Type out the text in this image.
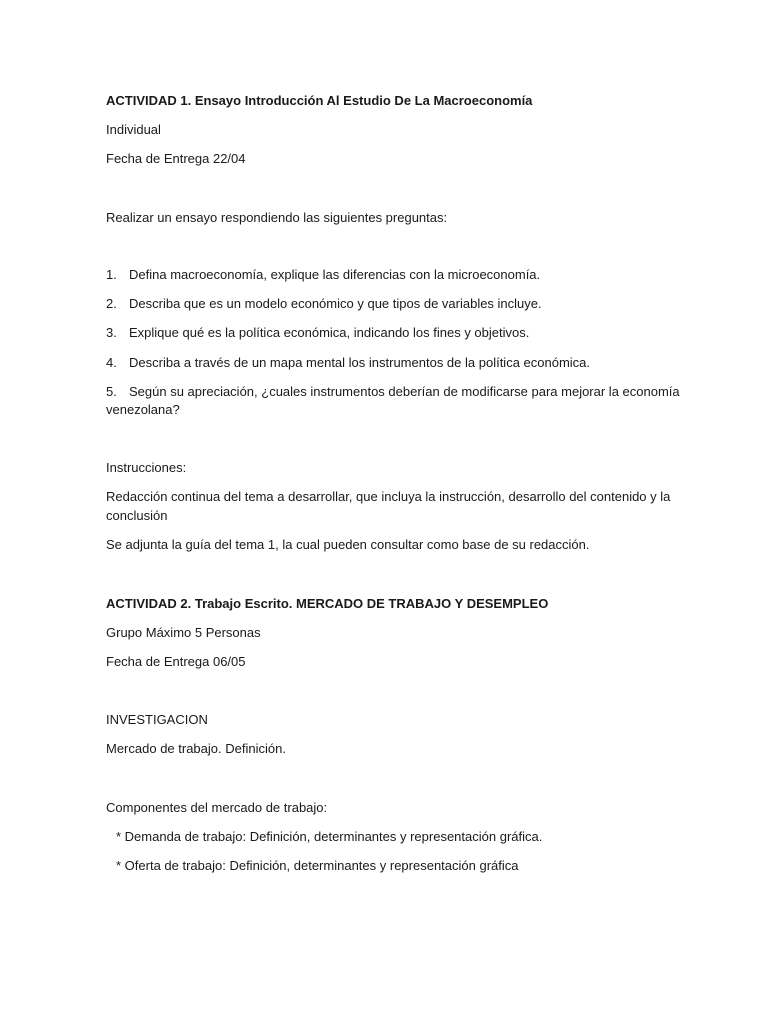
ACTIVIDAD 1. Ensayo Introducción Al Estudio De La Macroeconomía
Individual
Fecha de Entrega 22/04
Realizar un ensayo respondiendo las siguientes preguntas:
1. Defina macroeconomía, explique las diferencias con la microeconomía.
2. Describa que es un modelo económico y que tipos de variables incluye.
3. Explique qué es la política económica, indicando los fines y objetivos.
4. Describa a través de un mapa mental los instrumentos de la política económica.
5. Según su apreciación, ¿cuales instrumentos deberían de modificarse para mejorar la economía
venezolana?
Instrucciones:
Redacción continua del tema a desarrollar, que incluya la instrucción, desarrollo del contenido y la
conclusión
Se adjunta la guía del tema 1, la cual pueden consultar como base de su redacción.
ACTIVIDAD 2. Trabajo Escrito. MERCADO DE TRABAJO Y DESEMPLEO
Grupo Máximo 5 Personas
Fecha de Entrega 06/05
INVESTIGACION
Mercado de trabajo. Definición.
Componentes del mercado de trabajo:
* Demanda de trabajo: Definición, determinantes y representación gráfica.
* Oferta de trabajo: Definición, determinantes y representación gráfica
